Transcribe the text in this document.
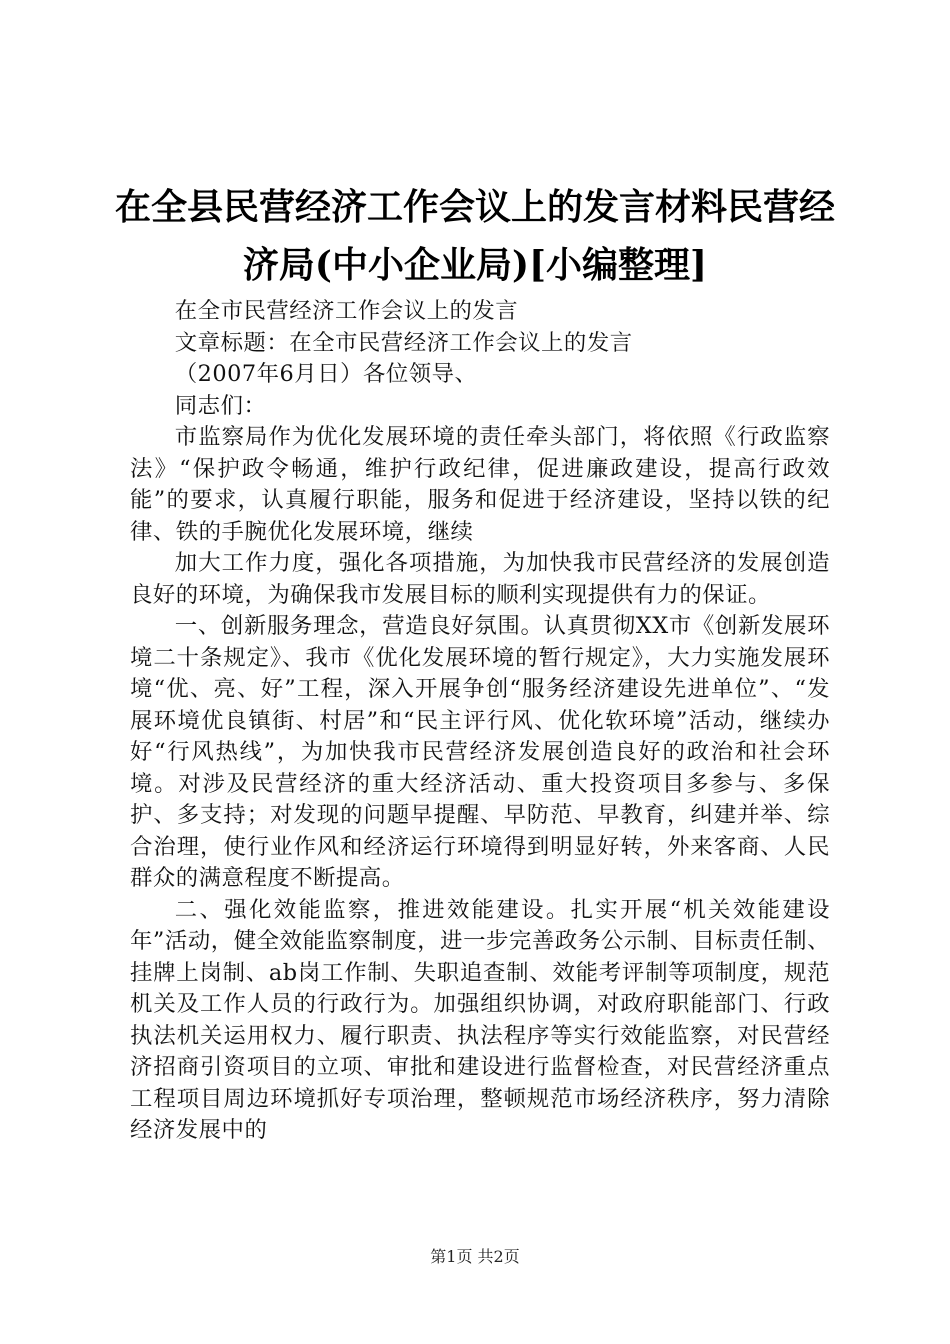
在全县民营经济工作会议上的发言材料民营经济局(中小企业局)[小编整理]

在全市民营经济工作会议上的发言

文章标题：在全市民营经济工作会议上的发言

（2007年6月日）各位领导、

同志们：

市监察局作为优化发展环境的责任牵头部门，将依照《行政监察法》“保护政令畅通，维护行政纪律，促进廉政建设，提高行政效能”的要求，认真履行职能，服务和促进于经济建设，坚持以铁的纪律、铁的手腕优化发展环境，继续

加大工作力度，强化各项措施，为加快我市民营经济的发展创造良好的环境，为确保我市发展目标的顺利实现提供有力的保证。

一、创新服务理念，营造良好氛围。认真贯彻XX市《创新发展环境二十条规定》、我市《优化发展环境的暂行规定》，大力实施发展环境“优、亮、好”工程，深入开展争创“服务经济建设先进单位”、“发展环境优良镇街、村居”和“民主评行风、优化软环境”活动，继续办好“行风热线”，为加快我市民营经济发展创造良好的政治和社会环境。对涉及民营经济的重大经济活动、重大投资项目多参与、多保护、多支持；对发现的问题早提醒、早防范、早教育，纠建并举、综合治理，使行业作风和经济运行环境得到明显好转，外来客商、人民群众的满意程度不断提高。

二、强化效能监察，推进效能建设。扎实开展“机关效能建设年”活动，健全效能监察制度，进一步完善政务公示制、目标责任制、挂牌上岗制、ab岗工作制、失职追查制、效能考评制等项制度，规范机关及工作人员的行政行为。加强组织协调，对政府职能部门、行政执法机关运用权力、履行职责、执法程序等实行效能监察，对民营经济招商引资项目的立项、审批和建设进行监督检查，对民营经济重点工程项目周边环境抓好专项治理，整顿规范市场经济秩序，努力清除经济发展中的

第1页 共2页
